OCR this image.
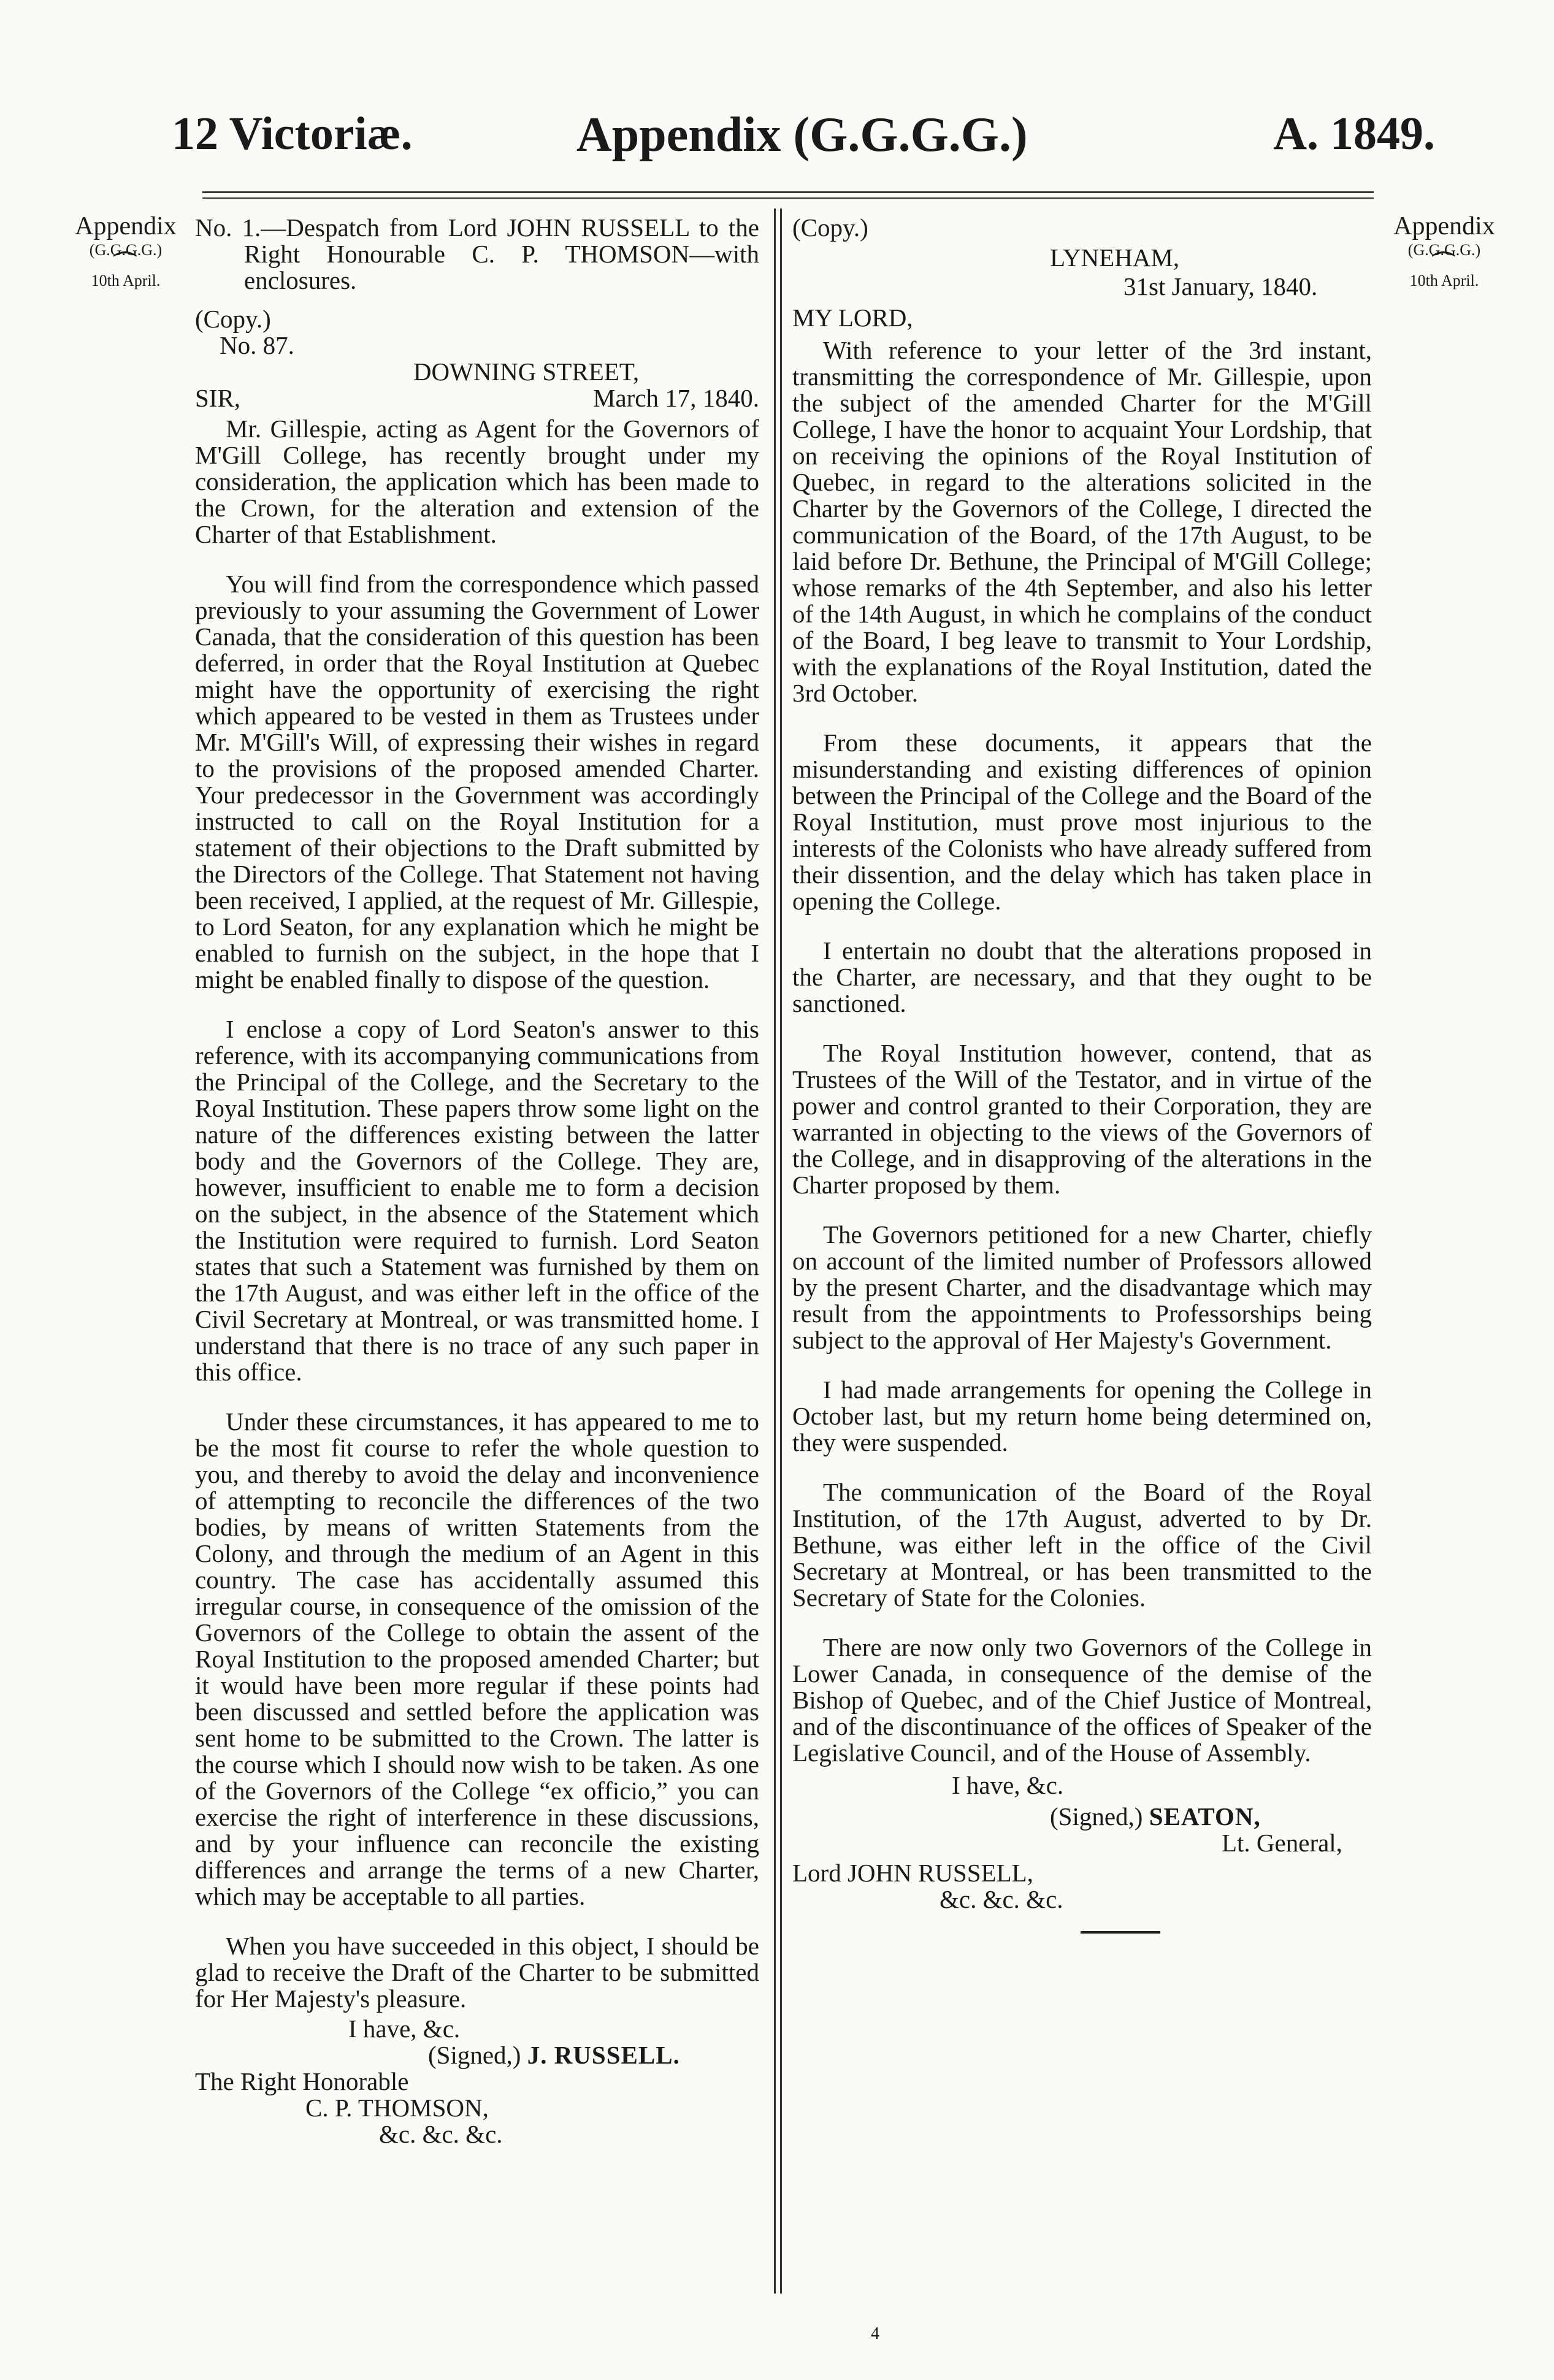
12 Victoriæ.	Appendix (G.G.G.G.)	A. 1849.
Appendix
(G.G.G.G.)
⏜
10th April.
Appendix
(G.G.G.G.)
⏜
10th April.
No. 1.—Despatch from Lord JOHN RUSSELL to the Right Honourable C. P. THOMSON—with enclosures.
(Copy.)
No. 87.
DOWNING STREET,
SIR,	March 17, 1840.

Mr. Gillespie, acting as Agent for the Governors of M'Gill College, has recently brought under my consideration, the application which has been made to the Crown, for the alteration and extension of the Charter of that Establishment.

You will find from the correspondence which passed previously to your assuming the Government of Lower Canada, that the consideration of this question has been deferred, in order that the Royal Institution at Quebec might have the opportunity of exercising the right which appeared to be vested in them as Trustees under Mr. M'Gill's Will, of expressing their wishes in regard to the provisions of the proposed amended Charter. Your predecessor in the Government was accordingly instructed to call on the Royal Institution for a statement of their objections to the Draft submitted by the Directors of the College. That Statement not having been received, I applied, at the request of Mr. Gillespie, to Lord Seaton, for any explanation which he might be enabled to furnish on the subject, in the hope that I might be enabled finally to dispose of the question.

I enclose a copy of Lord Seaton's answer to this reference, with its accompanying communications from the Principal of the College, and the Secretary to the Royal Institution. These papers throw some light on the nature of the differences existing between the latter body and the Governors of the College. They are, however, insufficient to enable me to form a decision on the subject, in the absence of the Statement which the Institution were required to furnish. Lord Seaton states that such a Statement was furnished by them on the 17th August, and was either left in the office of the Civil Secretary at Montreal, or was transmitted home. I understand that there is no trace of any such paper in this office.

Under these circumstances, it has appeared to me to be the most fit course to refer the whole question to you, and thereby to avoid the delay and inconvenience of attempting to reconcile the differences of the two bodies, by means of written Statements from the Colony, and through the medium of an Agent in this country. The case has accidentally assumed this irregular course, in consequence of the omission of the Governors of the College to obtain the assent of the Royal Institution to the proposed amended Charter; but it would have been more regular if these points had been discussed and settled before the application was sent home to be submitted to the Crown. The latter is the course which I should now wish to be taken. As one of the Governors of the College “ex officio,” you can exercise the right of interference in these discussions, and by your influence can reconcile the existing differences and arrange the terms of a new Charter, which may be acceptable to all parties.

When you have succeeded in this object, I should be glad to receive the Draft of the Charter to be submitted for Her Majesty's pleasure.

I have, &c.
(Signed,) J. RUSSELL.
The Right Honorable
C. P. THOMSON,
&c. &c. &c.
(Copy.)
LYNEHAM,
31st January, 1840.
MY LORD,

With reference to your letter of the 3rd instant, transmitting the correspondence of Mr. Gillespie, upon the subject of the amended Charter for the M'Gill College, I have the honor to acquaint Your Lordship, that on receiving the opinions of the Royal Institution of Quebec, in regard to the alterations solicited in the Charter by the Governors of the College, I directed the communication of the Board, of the 17th August, to be laid before Dr. Bethune, the Principal of M'Gill College; whose remarks of the 4th September, and also his letter of the 14th August, in which he complains of the conduct of the Board, I beg leave to transmit to Your Lordship, with the explanations of the Royal Institution, dated the 3rd October.

From these documents, it appears that the misunderstanding and existing differences of opinion between the Principal of the College and the Board of the Royal Institution, must prove most injurious to the interests of the Colonists who have already suffered from their dissention, and the delay which has taken place in opening the College.

I entertain no doubt that the alterations proposed in the Charter, are necessary, and that they ought to be sanctioned.

The Royal Institution however, contend, that as Trustees of the Will of the Testator, and in virtue of the power and control granted to their Corporation, they are warranted in objecting to the views of the Governors of the College, and in disapproving of the alterations in the Charter proposed by them.

The Governors petitioned for a new Charter, chiefly on account of the limited number of Professors allowed by the present Charter, and the disadvantage which may result from the appointments to Professorships being subject to the approval of Her Majesty's Government.

I had made arrangements for opening the College in October last, but my return home being determined on, they were suspended.

The communication of the Board of the Royal Institution, of the 17th August, adverted to by Dr. Bethune, was either left in the office of the Civil Secretary at Montreal, or has been transmitted to the Secretary of State for the Colonies.

There are now only two Governors of the College in Lower Canada, in consequence of the demise of the Bishop of Quebec, and of the Chief Justice of Montreal, and of the discontinuance of the offices of Speaker of the Legislative Council, and of the House of Assembly.

I have, &c.
(Signed,) SEATON,
Lt. General,
Lord JOHN RUSSELL,
&c. &c. &c.
4
